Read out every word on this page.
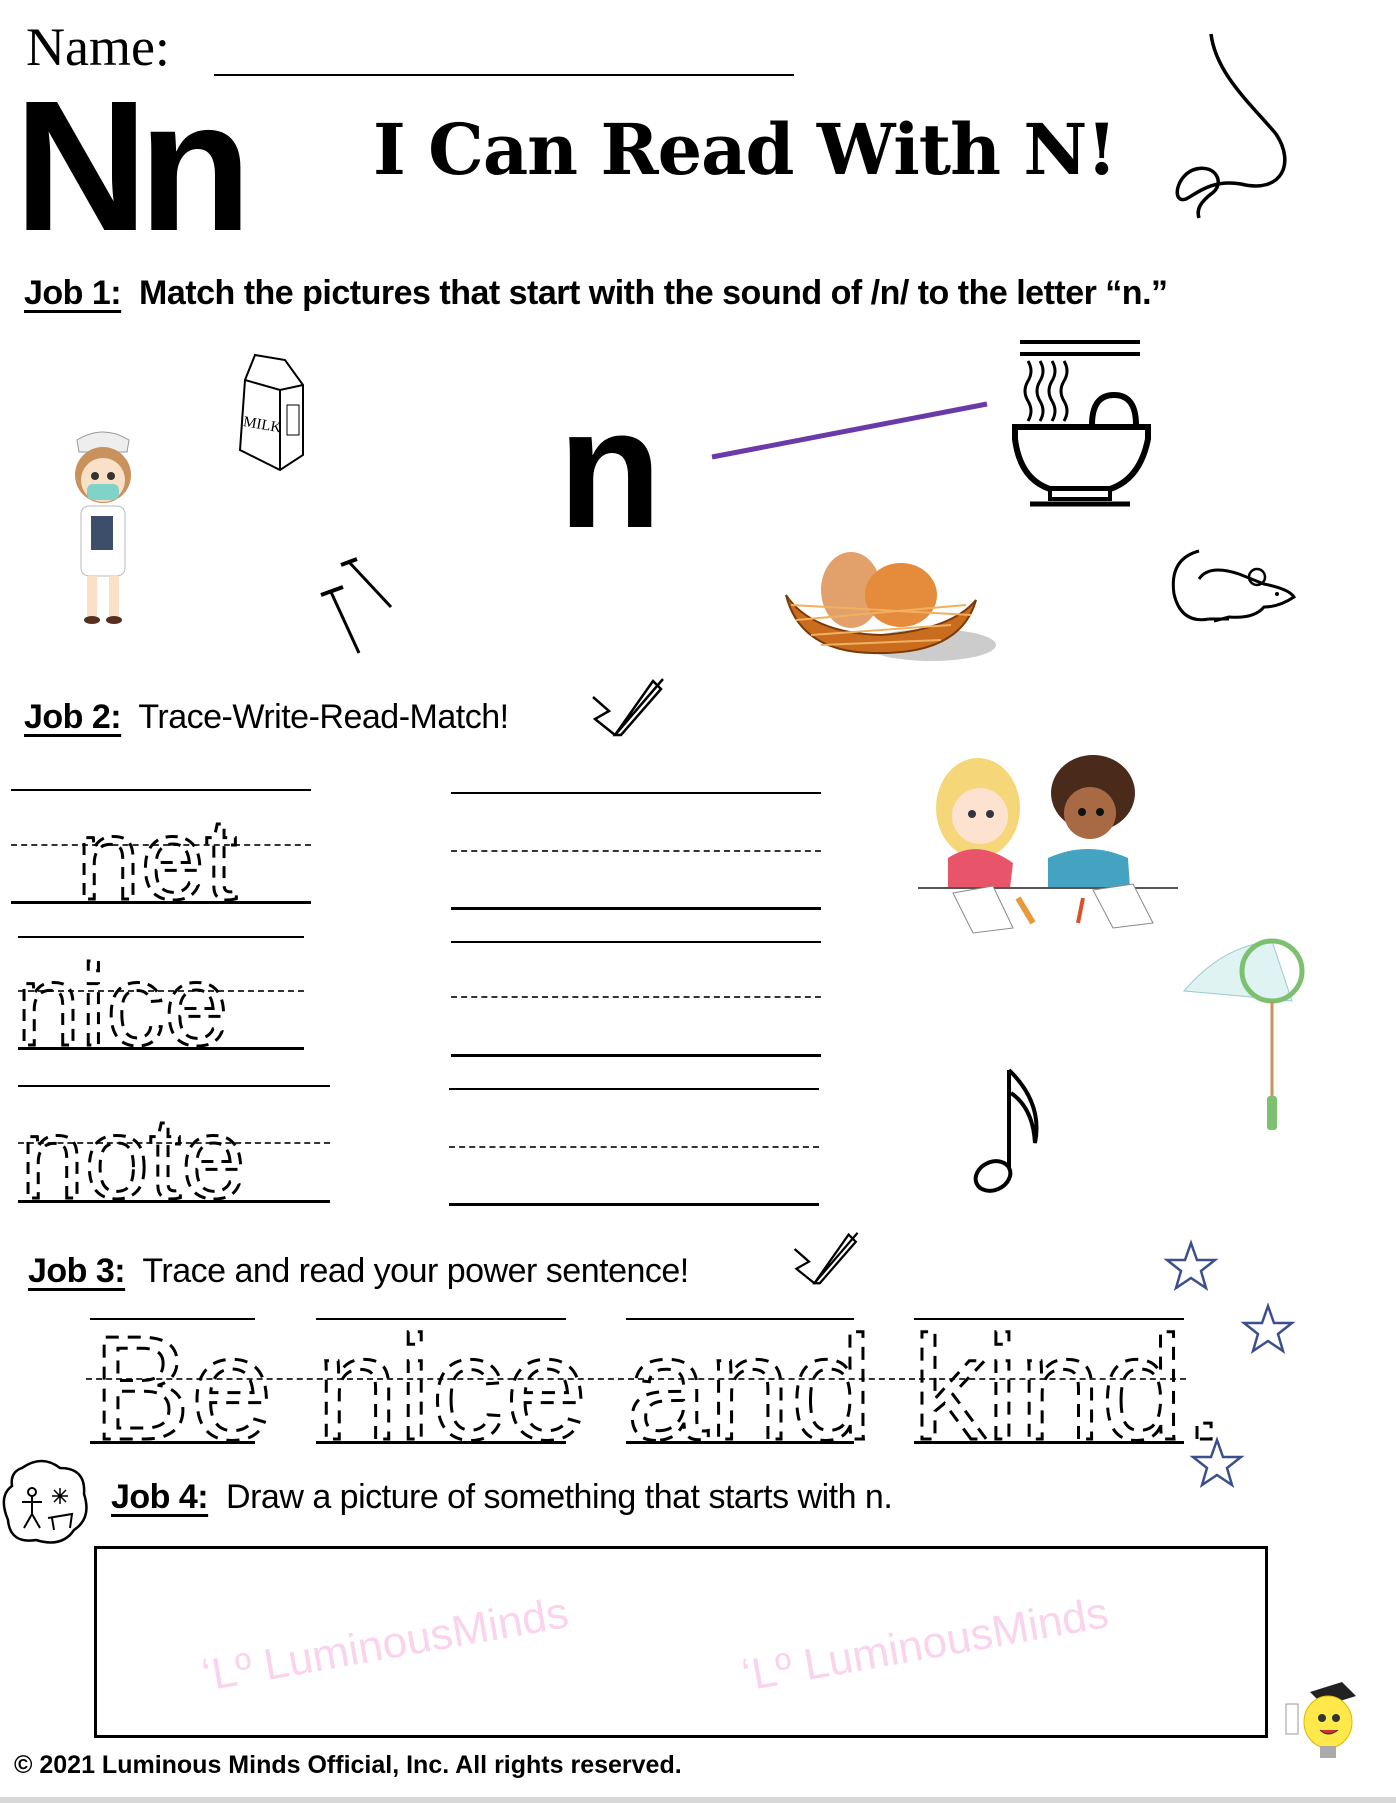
Name:
Nn I Can Read With N!
Job 1: Match the pictures that start with the sound of /n/ to the letter “n.”
MILK n
Job 2: Trace-Write-Read-Match!
net
nice
note
Job 3: Trace and read your power sentence!
Be nice and kind.
Job 4: Draw a picture of something that starts with n.
ʻLº LuminousMinds	ʻLº LuminousMinds
© 2021 Luminous Minds Official, Inc. All rights reserved.
